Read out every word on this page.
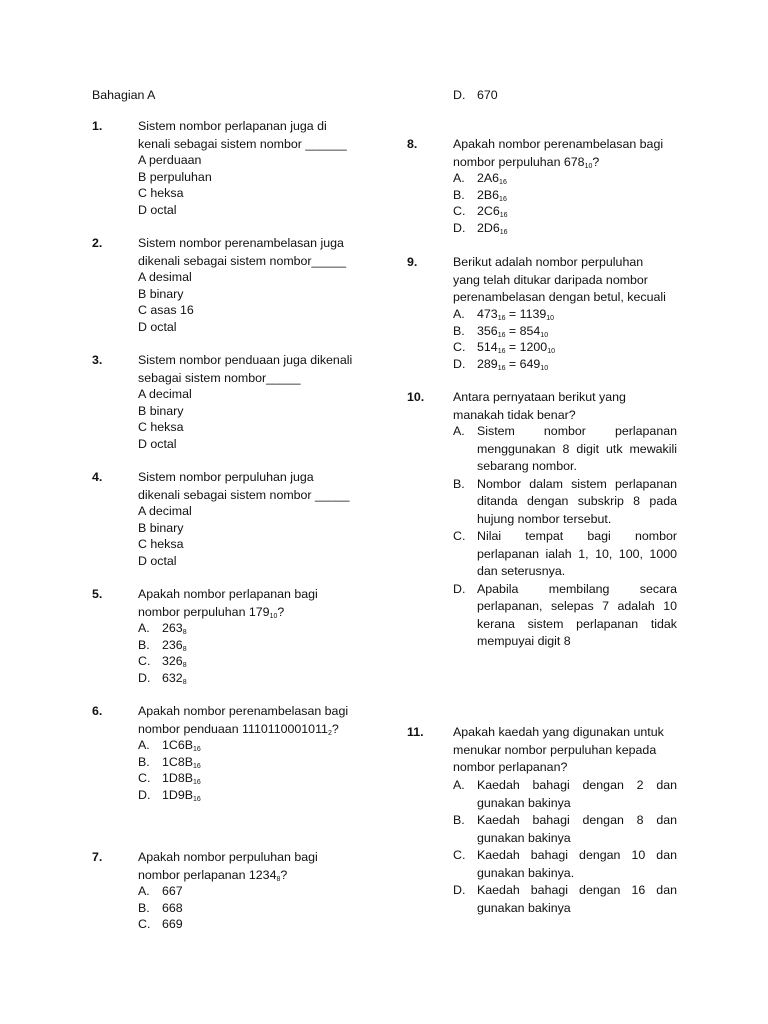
Bahagian A
1.	Sistem nombor perlapanan juga di
kenali sebagai sistem nombor ______
A perduaan
B perpuluhan
C heksa
D octal
2.	Sistem nombor perenambelasan juga
dikenali sebagai sistem nombor_____
A desimal
B binary
C asas 16
D octal
3.	Sistem nombor penduaan juga dikenali
sebagai sistem nombor_____
A decimal
B binary
C heksa
D octal
4.	Sistem nombor perpuluhan juga
dikenali sebagai sistem nombor _____
A decimal
B binary
C heksa
D octal
5.	Apakah nombor perlapanan bagi
nombor perpuluhan $179_{10}$?
A. $263_8$
B. $236_8$
C. $326_8$
D. $632_8$
6.	Apakah nombor perenambelasan bagi
nombor penduaan $1110110001011_2$?
A. $1C6B_{16}$
B. $1C8B_{16}$
C. $1D8B_{16}$
D. $1D9B_{16}$
7.	Apakah nombor perpuluhan bagi
nombor perlapanan $1234_8$?
A. 667
B. 668
C. 669
D. 670
8.	Apakah nombor perenambelasan bagi
nombor perpuluhan $678_{10}$?
A. $2A6_{16}$
B. $2B6_{16}$
C. $2C6_{16}$
D. $2D6_{16}$
9.	Berikut adalah nombor perpuluhan
yang telah ditukar daripada nombor
perenambelasan dengan betul, kecuali
A. $473_{16} = 1139_{10}$
B. $356_{16} = 854_{10}$
C. $514_{16} = 1200_{10}$
D. $289_{16} = 649_{10}$
10. Antara pernyataan berikut yang
manakah tidak benar?
A. Sistem nombor perlapanan menggunakan 8 digit utk mewakili sebarang nombor.
B. Nombor dalam sistem perlapanan ditanda dengan subskrip 8 pada hujung nombor tersebut.
C. Nilai tempat bagi nombor perlapanan ialah 1, 10, 100, 1000 dan seterusnya.
D. Apabila membilang secara perlapanan, selepas 7 adalah 10 kerana sistem perlapanan tidak mempuyai digit 8
11. Apakah kaedah yang digunakan untuk
menukar nombor perpuluhan kepada
nombor perlapanan?
A. Kaedah bahagi dengan 2 dan gunakan bakinya
B. Kaedah bahagi dengan 8 dan gunakan bakinya
C. Kaedah bahagi dengan 10 dan gunakan bakinya.
D. Kaedah bahagi dengan 16 dan gunakan bakinya
